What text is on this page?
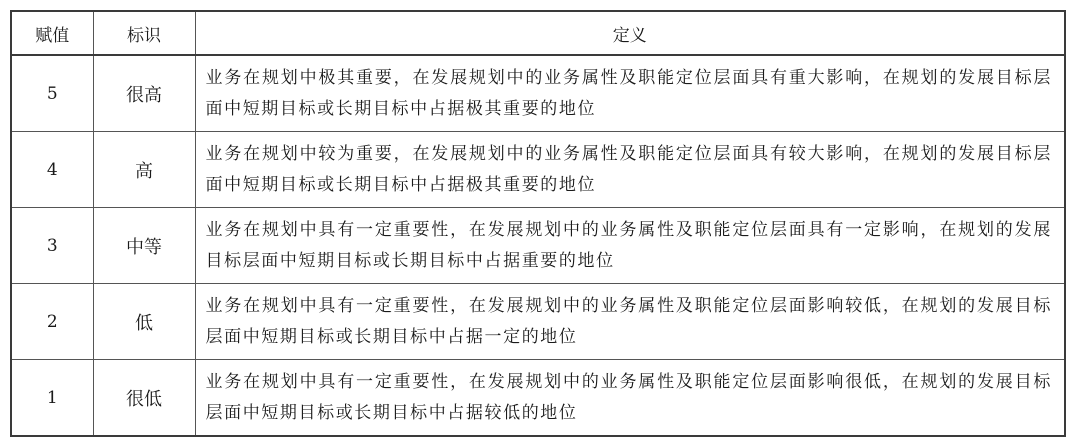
赋值	标识	定义
5	很高	业务在规划中极其重要，在发展规划中的业务属性及职能定位层面具有重大影响，在规划的发展目标层面中短期目标或长期目标中占据极其重要的地位
4	高	业务在规划中较为重要，在发展规划中的业务属性及职能定位层面具有较大影响，在规划的发展目标层面中短期目标或长期目标中占据极其重要的地位
3	中等	业务在规划中具有一定重要性，在发展规划中的业务属性及职能定位层面具有一定影响，在规划的发展目标层面中短期目标或长期目标中占据重要的地位
2	低	业务在规划中具有一定重要性，在发展规划中的业务属性及职能定位层面影响较低，在规划的发展目标层面中短期目标或长期目标中占据一定的地位
1	很低	业务在规划中具有一定重要性，在发展规划中的业务属性及职能定位层面影响很低，在规划的发展目标层面中短期目标或长期目标中占据较低的地位
